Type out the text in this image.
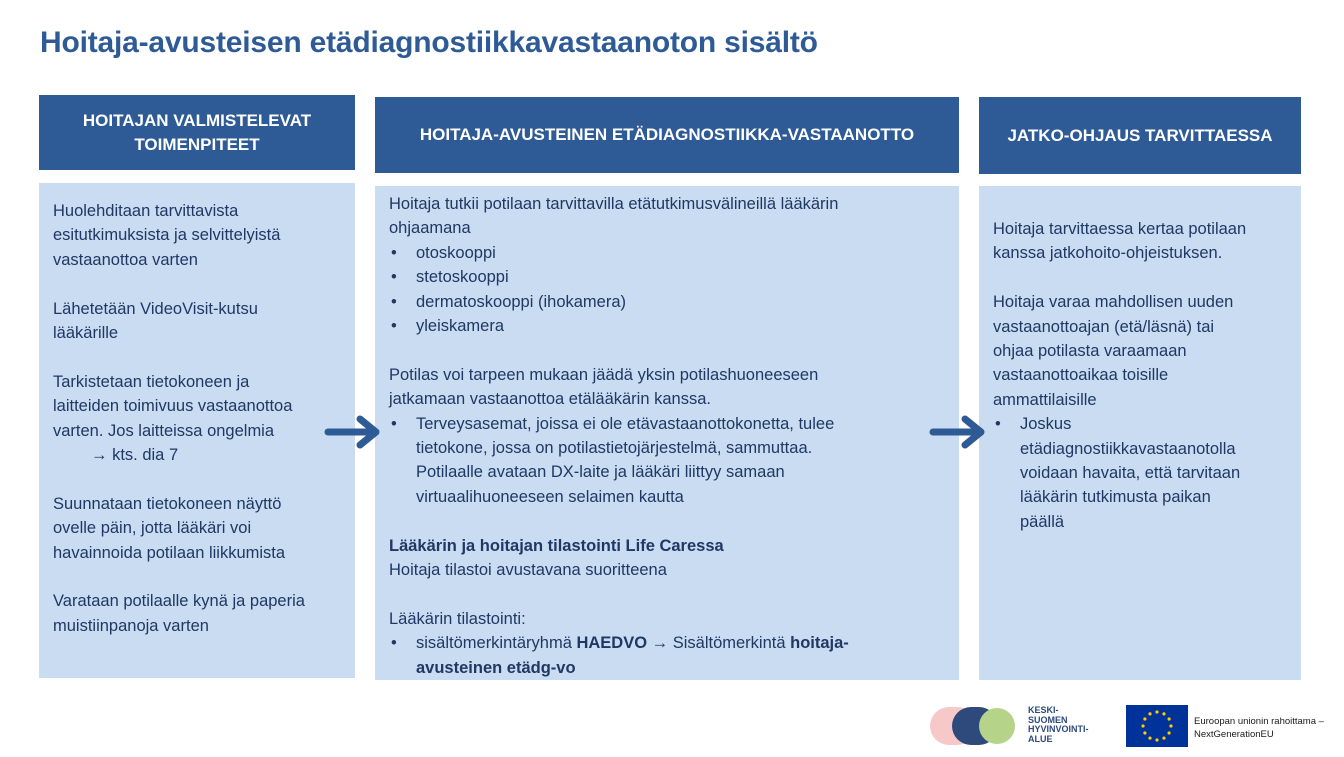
Hoitaja-avusteisen etädiagnostiikkavastaanoton sisältö
HOITAJAN VALMISTELEVAT
TOIMENPITEET

Huolehditaan tarvittavista

esitutkimuksista ja selvittelyistä

vastaanottoa varten

Lähetetään VideoVisit-kutsu

lääkärille

Tarkistetaan tietokoneen ja

laitteiden toimivuus vastaanottoa

varten. Jos laitteissa ongelmia

→ kts. dia 7

Suunnataan tietokoneen näyttö

ovelle päin, jotta lääkäri voi

havainnoida potilaan liikkumista

Varataan potilaalle kynä ja paperia

muistiinpanoja varten

HOITAJA-AVUSTEINEN ETÄDIAGNOSTIIKKA-VASTAANOTTO

Hoitaja tutkii potilaan tarvittavilla etätutkimusvälineillä lääkärin

ohjaamana

• otoskooppi
• stetoskooppi
• dermatoskooppi (ihokamera)
• yleiskamera

Potilas voi tarpeen mukaan jäädä yksin potilashuoneeseen

jatkamaan vastaanottoa etälääkärin kanssa.

• Terveysasemat, joissa ei ole etävastaanottokonetta, tulee
tietokone, jossa on potilastietojärjestelmä, sammuttaa.
Potilaalle avataan DX-laite ja lääkäri liittyy samaan
virtuaalihuoneeseen selaimen kautta

Lääkärin ja hoitajan tilastointi Life Caressa

Hoitaja tilastoi avustavana suoritteena

Lääkärin tilastointi:

• sisältömerkintäryhmä HAEDVO → Sisältömerkintä hoitaja-
avusteinen etädg-vo
JATKO-OHJAUS TARVITTAESSA

Hoitaja tarvittaessa kertaa potilaan

kanssa jatkohoito-ohjeistuksen.

Hoitaja varaa mahdollisen uuden

vastaanottoajan (etä/läsnä) tai

ohjaa potilasta varaamaan

vastaanottoaikaa toisille

ammattilaisille

• Joskus
etädiagnostiikkavastaanotolla
voidaan havaita, että tarvitaan
lääkärin tutkimusta paikan
päällä
KESKI-
SUOMEN
HYVINVOINTI-
ALUE
Euroopan unionin rahoittama –
NextGenerationEU
